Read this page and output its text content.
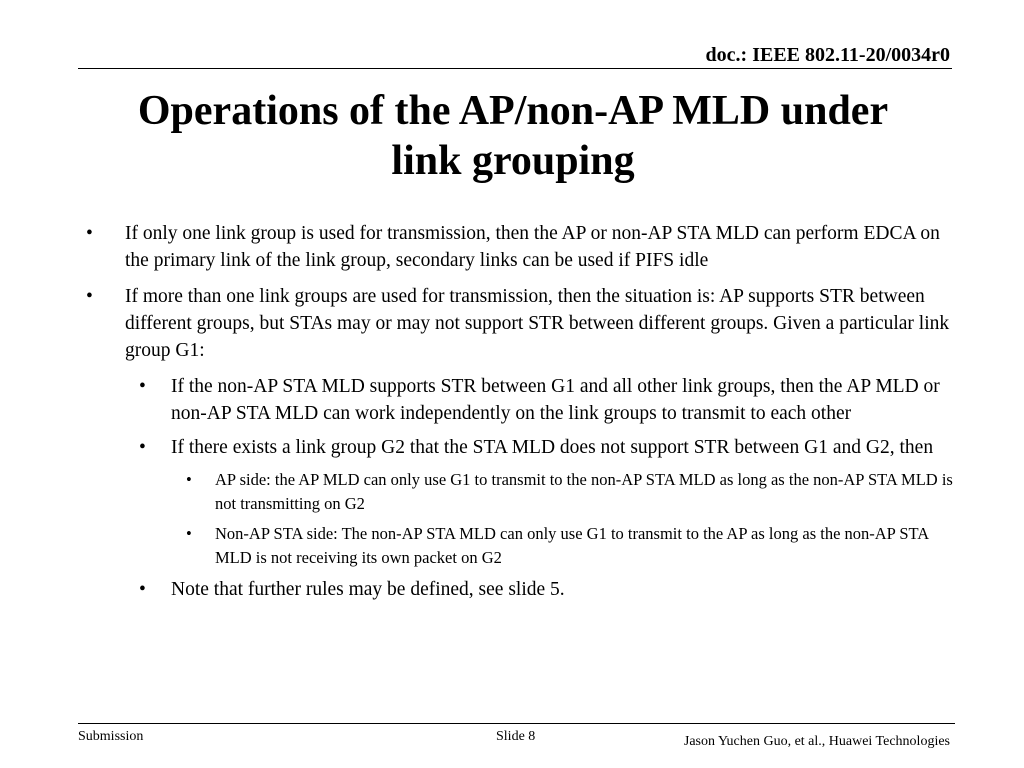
doc.: IEEE 802.11-20/0034r0
Operations of the AP/non-AP MLD under
link grouping

• If only one link group is used for transmission, then the AP or non-AP STA MLD can perform EDCA on the primary link of the link group, secondary links can be used if PIFS idle

• If more than one link groups are used for transmission, then the situation is: AP supports STR between different groups, but STAs may or may not support STR between different groups. Given a particular link group G1:

• If the non-AP STA MLD supports STR between G1 and all other link groups, then the AP MLD or non-AP STA MLD can work independently on the link groups to transmit to each other

• If there exists a link group G2 that the STA MLD does not support STR between G1 and G2, then

• AP side: the AP MLD can only use G1 to transmit to the non-AP STA MLD as long as the non-AP STA MLD is not transmitting on G2

• Non-AP STA side: The non-AP STA MLD can only use G1 to transmit to the AP as long as the non-AP STA MLD is not receiving its own packet on G2

• Note that further rules may be defined, see slide 5.

Submission	Slide 8	Jason Yuchen Guo, et al., Huawei Technologies
